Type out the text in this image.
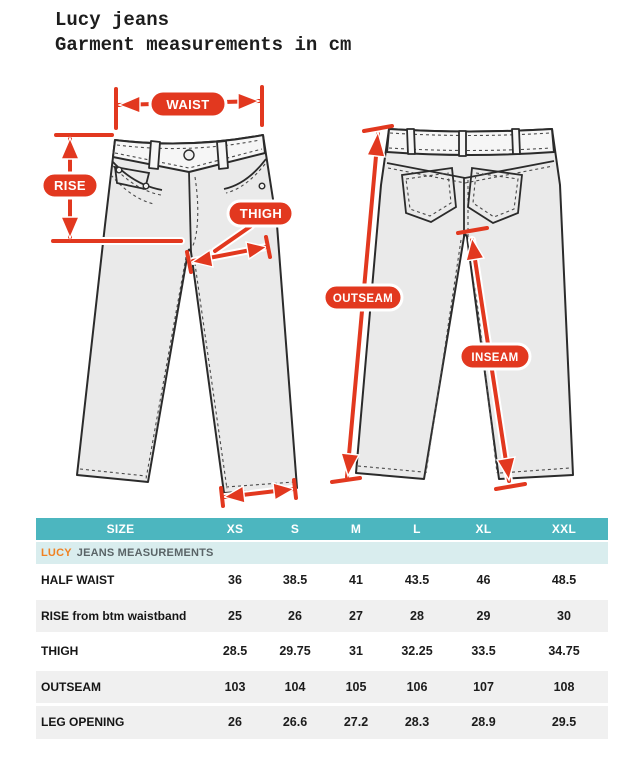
Lucy jeans
Garment measurements in cm
WAIST
RISE
THIGH
OUTSEAM
INSEAM
SIZE	XS	S	M	L	XL	XXL
LUCY JEANS MEASUREMENTS
HALF WAIST	36	38.5	41	43.5	46	48.5
RISE from btm waistband	25	26	27	28	29	30
THIGH	28.5	29.75	31	32.25	33.5	34.75
OUTSEAM	103	104	105	106	107	108
LEG OPENING	26	26.6	27.2	28.3	28.9	29.5
